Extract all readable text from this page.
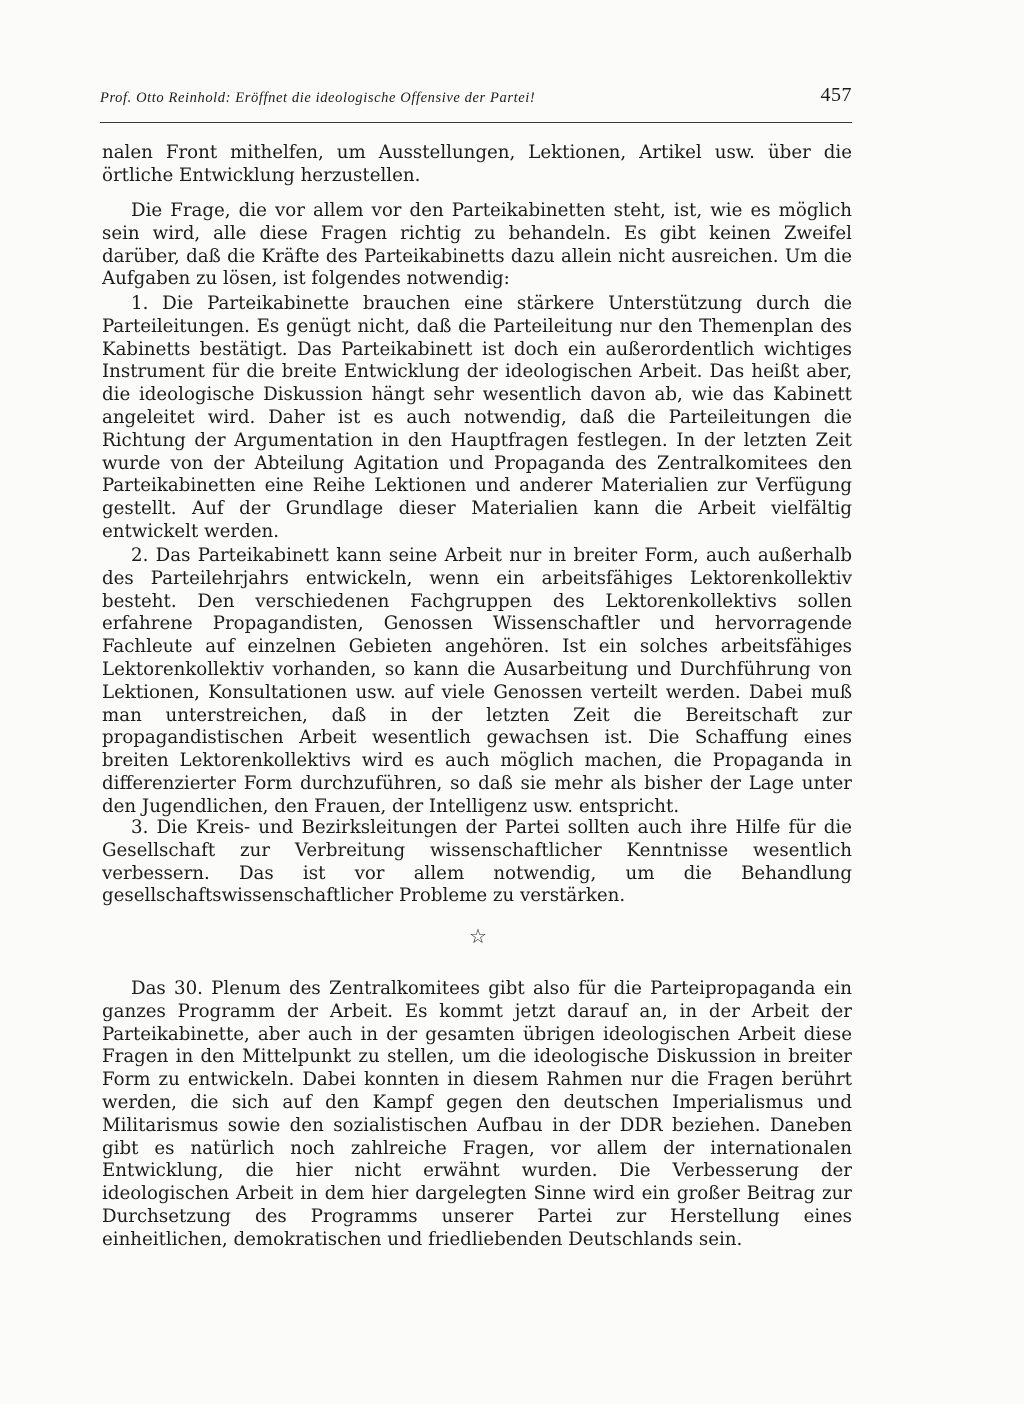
Prof. Otto Reinhold: Eröffnet die ideologische Offensive der Partei!	457

nalen Front mithelfen, um Ausstellungen, Lektionen, Artikel usw. über die örtliche Entwicklung herzustellen.

Die Frage, die vor allem vor den Parteikabinetten steht, ist, wie es möglich sein wird, alle diese Fragen richtig zu behandeln. Es gibt keinen Zweifel darüber, daß die Kräfte des Parteikabinetts dazu allein nicht ausreichen. Um die Aufgaben zu lösen, ist folgendes notwendig:

1. Die Parteikabinette brauchen eine stärkere Unterstützung durch die Parteileitungen. Es genügt nicht, daß die Parteileitung nur den Themenplan des Kabinetts bestätigt. Das Parteikabinett ist doch ein außerordentlich wichtiges Instrument für die breite Entwicklung der ideologischen Arbeit. Das heißt aber, die ideologische Diskussion hängt sehr wesentlich davon ab, wie das Kabinett angeleitet wird. Daher ist es auch notwendig, daß die Parteileitungen die Richtung der Argumentation in den Hauptfragen festlegen. In der letzten Zeit wurde von der Abteilung Agitation und Propaganda des Zentralkomitees den Parteikabinetten eine Reihe Lektionen und anderer Materialien zur Verfügung gestellt. Auf der Grundlage dieser Materialien kann die Arbeit vielfältig entwickelt werden.

2. Das Parteikabinett kann seine Arbeit nur in breiter Form, auch außerhalb des Parteilehrjahrs entwickeln, wenn ein arbeitsfähiges Lektorenkollektiv besteht. Den verschiedenen Fachgruppen des Lektorenkollektivs sollen erfahrene Propagandisten, Genossen Wissenschaftler und hervorragende Fachleute auf einzelnen Gebieten angehören. Ist ein solches arbeitsfähiges Lektorenkollektiv vorhanden, so kann die Ausarbeitung und Durchführung von Lektionen, Konsultationen usw. auf viele Genossen verteilt werden. Dabei muß man unterstreichen, daß in der letzten Zeit die Bereitschaft zur propagandistischen Arbeit wesentlich gewachsen ist. Die Schaffung eines breiten Lektorenkollektivs wird es auch möglich machen, die Propaganda in differenzierter Form durchzuführen, so daß sie mehr als bisher der Lage unter den Jugendlichen, den Frauen, der Intelligenz usw. entspricht.

3. Die Kreis- und Bezirksleitungen der Partei sollten auch ihre Hilfe für die Gesellschaft zur Verbreitung wissenschaftlicher Kenntnisse wesentlich verbessern. Das ist vor allem notwendig, um die Behandlung gesellschaftswissenschaftlicher Probleme zu verstärken.

☆

Das 30. Plenum des Zentralkomitees gibt also für die Parteipropaganda ein ganzes Programm der Arbeit. Es kommt jetzt darauf an, in der Arbeit der Parteikabinette, aber auch in der gesamten übrigen ideologischen Arbeit diese Fragen in den Mittelpunkt zu stellen, um die ideologische Diskussion in breiter Form zu entwickeln. Dabei konnten in diesem Rahmen nur die Fragen berührt werden, die sich auf den Kampf gegen den deutschen Imperialismus und Militarismus sowie den sozialistischen Aufbau in der DDR beziehen. Daneben gibt es natürlich noch zahlreiche Fragen, vor allem der internationalen Entwicklung, die hier nicht erwähnt wurden. Die Verbesserung der ideologischen Arbeit in dem hier dargelegten Sinne wird ein großer Beitrag zur Durchsetzung des Programms unserer Partei zur Herstellung eines einheitlichen, demokratischen und friedliebenden Deutschlands sein.
